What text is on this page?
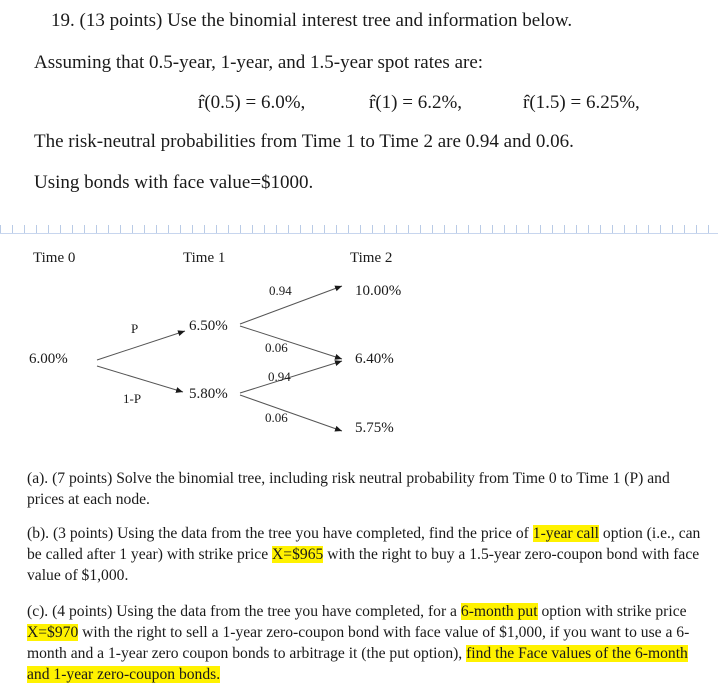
19. (13 points) Use the binomial interest tree and information below.
Assuming that 0.5-year, 1-year, and 1.5-year spot rates are:
r̂(0.5) = 6.0%,	r̂(1) = 6.2%,	r̂(1.5) = 6.25%,
The risk-neutral probabilities from Time 1 to Time 2 are 0.94 and 0.06.
Using bonds with face value=$1000.
Time 0	Time 1	Time 2
6.00%
6.50%
5.80%
10.00%
6.40%
5.75%
P
1-P
0.94
0.06
0.94
0.06
(a). (7 points) Solve the binomial tree, including risk neutral probability from Time 0 to Time 1 (P) and prices at each node.
(b). (3 points) Using the data from the tree you have completed, find the price of 1-year call option (i.e., can be called after 1 year) with strike price X=$965 with the right to buy a 1.5-year zero-coupon bond with face value of $1,000.
(c). (4 points) Using the data from the tree you have completed, for a 6-month put option with strike price X=$970 with the right to sell a 1-year zero-coupon bond with face value of $1,000, if you want to use a 6-month and a 1-year zero coupon bonds to arbitrage it (the put option), find the Face values of the 6-month and 1-year zero-coupon bonds.
